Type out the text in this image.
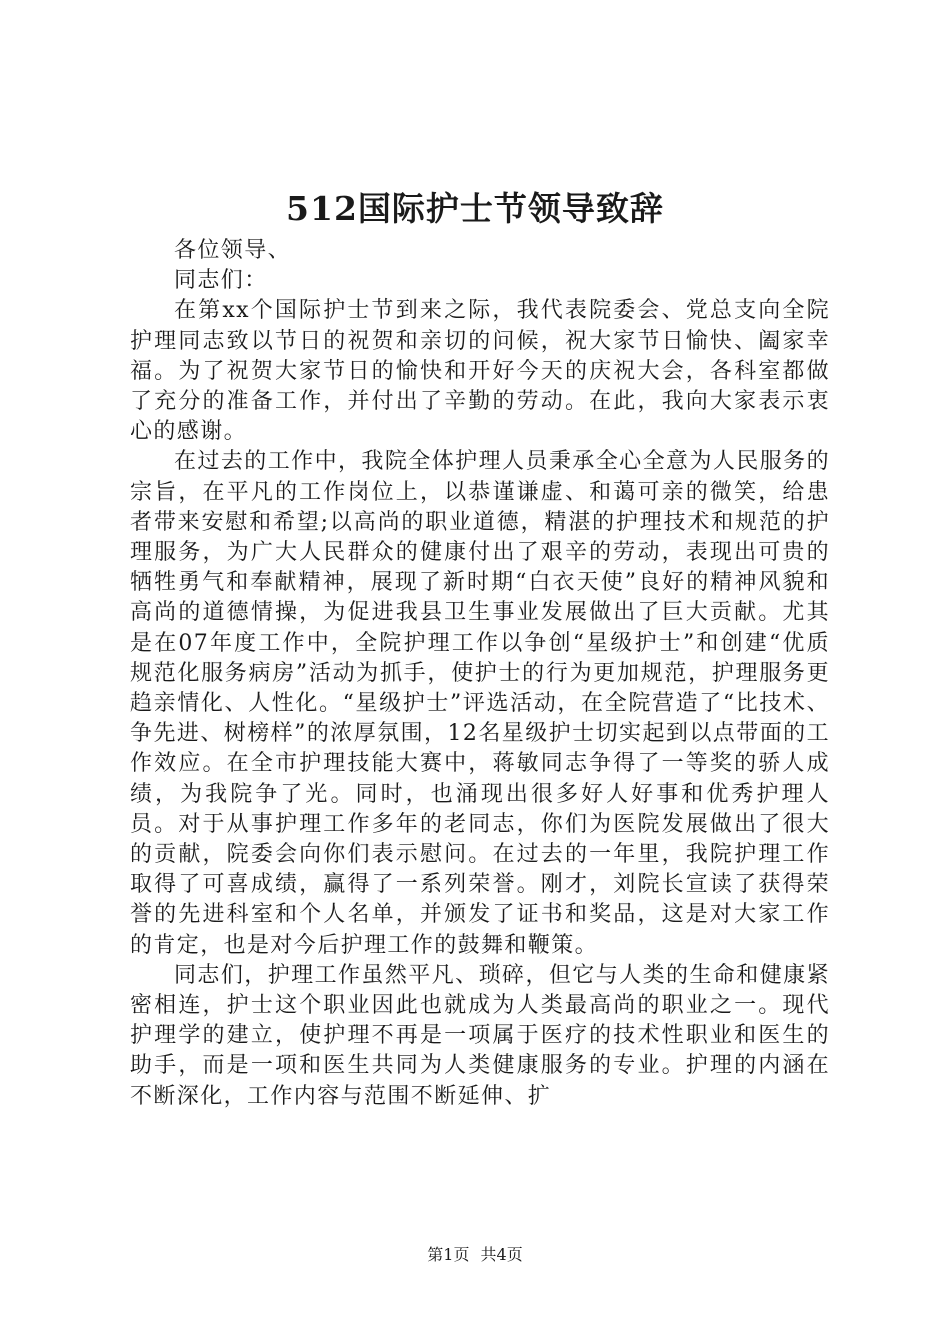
512国际护士节领导致辞

各位领导、

同志们：

在第xx个国际护士节到来之际，我代表院委会、党总支向全院护理同志致以节日的祝贺和亲切的问候，祝大家节日愉快、阖家幸福。为了祝贺大家节日的愉快和开好今天的庆祝大会，各科室都做了充分的准备工作，并付出了辛勤的劳动。在此，我向大家表示衷心的感谢。

在过去的工作中，我院全体护理人员秉承全心全意为人民服务的宗旨，在平凡的工作岗位上，以恭谨谦虚、和蔼可亲的微笑，给患者带来安慰和希望;以高尚的职业道德，精湛的护理技术和规范的护理服务，为广大人民群众的健康付出了艰辛的劳动，表现出可贵的牺牲勇气和奉献精神，展现了新时期“白衣天使”良好的精神风貌和高尚的道德情操，为促进我县卫生事业发展做出了巨大贡献。尤其是在07年度工作中，全院护理工作以争创“星级护士”和创建“优质规范化服务病房”活动为抓手，使护士的行为更加规范，护理服务更趋亲情化、人性化。“星级护士”评选活动，在全院营造了“比技术、争先进、树榜样”的浓厚氛围，12名星级护士切实起到以点带面的工作效应。在全市护理技能大赛中，蒋敏同志争得了一等奖的骄人成绩，为我院争了光。同时，也涌现出很多好人好事和优秀护理人员。对于从事护理工作多年的老同志，你们为医院发展做出了很大的贡献，院委会向你们表示慰问。在过去的一年里，我院护理工作取得了可喜成绩，赢得了一系列荣誉。刚才，刘院长宣读了获得荣誉的先进科室和个人名单，并颁发了证书和奖品，这是对大家工作的肯定，也是对今后护理工作的鼓舞和鞭策。

同志们，护理工作虽然平凡、琐碎，但它与人类的生命和健康紧密相连，护士这个职业因此也就成为人类最高尚的职业之一。现代护理学的建立，使护理不再是一项属于医疗的技术性职业和医生的助手，而是一项和医生共同为人类健康服务的专业。护理的内涵在不断深化，工作内容与范围不断延伸、扩

第1页 共4页
